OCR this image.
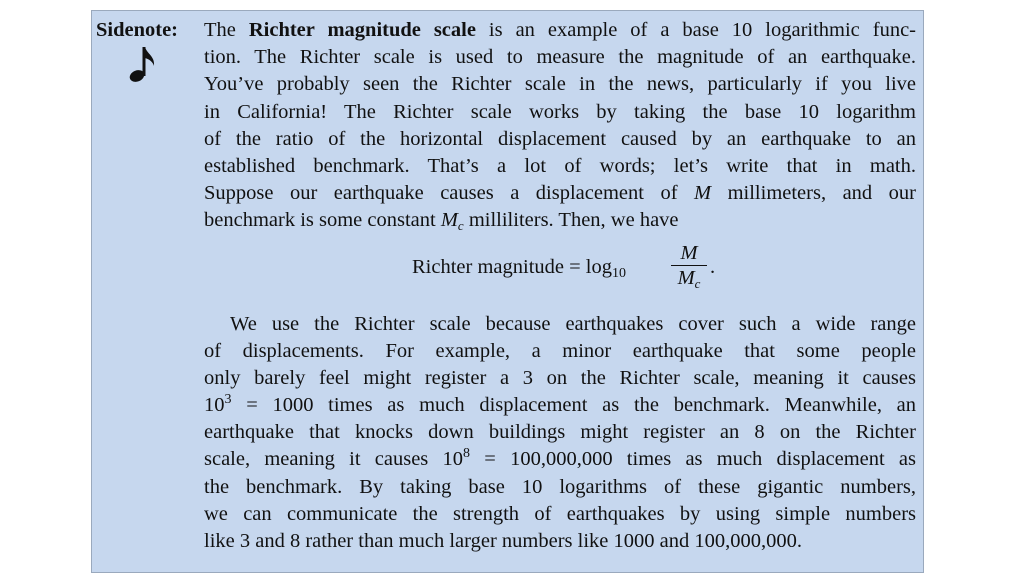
Sidenote: The Richter magnitude scale is an example of a base 10 logarithmic func-
tion. The Richter scale is used to measure the magnitude of an earthquake.
You’ve probably seen the Richter scale in the news, particularly if you live
in California! The Richter scale works by taking the base 10 logarithm
of the ratio of the horizontal displacement caused by an earthquake to an
established benchmark. That’s a lot of words; let’s write that in math.
Suppose our earthquake causes a displacement of M millimeters, and our
benchmark is some constant $M_c$ milliliters. Then, we have
Richter magnitude = $\log_{10}$
M
$M_c$
.
We use the Richter scale because earthquakes cover such a wide range
of displacements. For example, a minor earthquake that some people
only barely feel might register a 3 on the Richter scale, meaning it causes
$10^3 = 1000$ times as much displacement as the benchmark. Meanwhile, an
earthquake that knocks down buildings might register an 8 on the Richter
scale, meaning it causes $10^8 = 100,000,000$ times as much displacement as
the benchmark. By taking base 10 logarithms of these gigantic numbers,
we can communicate the strength of earthquakes by using simple numbers
like 3 and 8 rather than much larger numbers like 1000 and 100,000,000.
